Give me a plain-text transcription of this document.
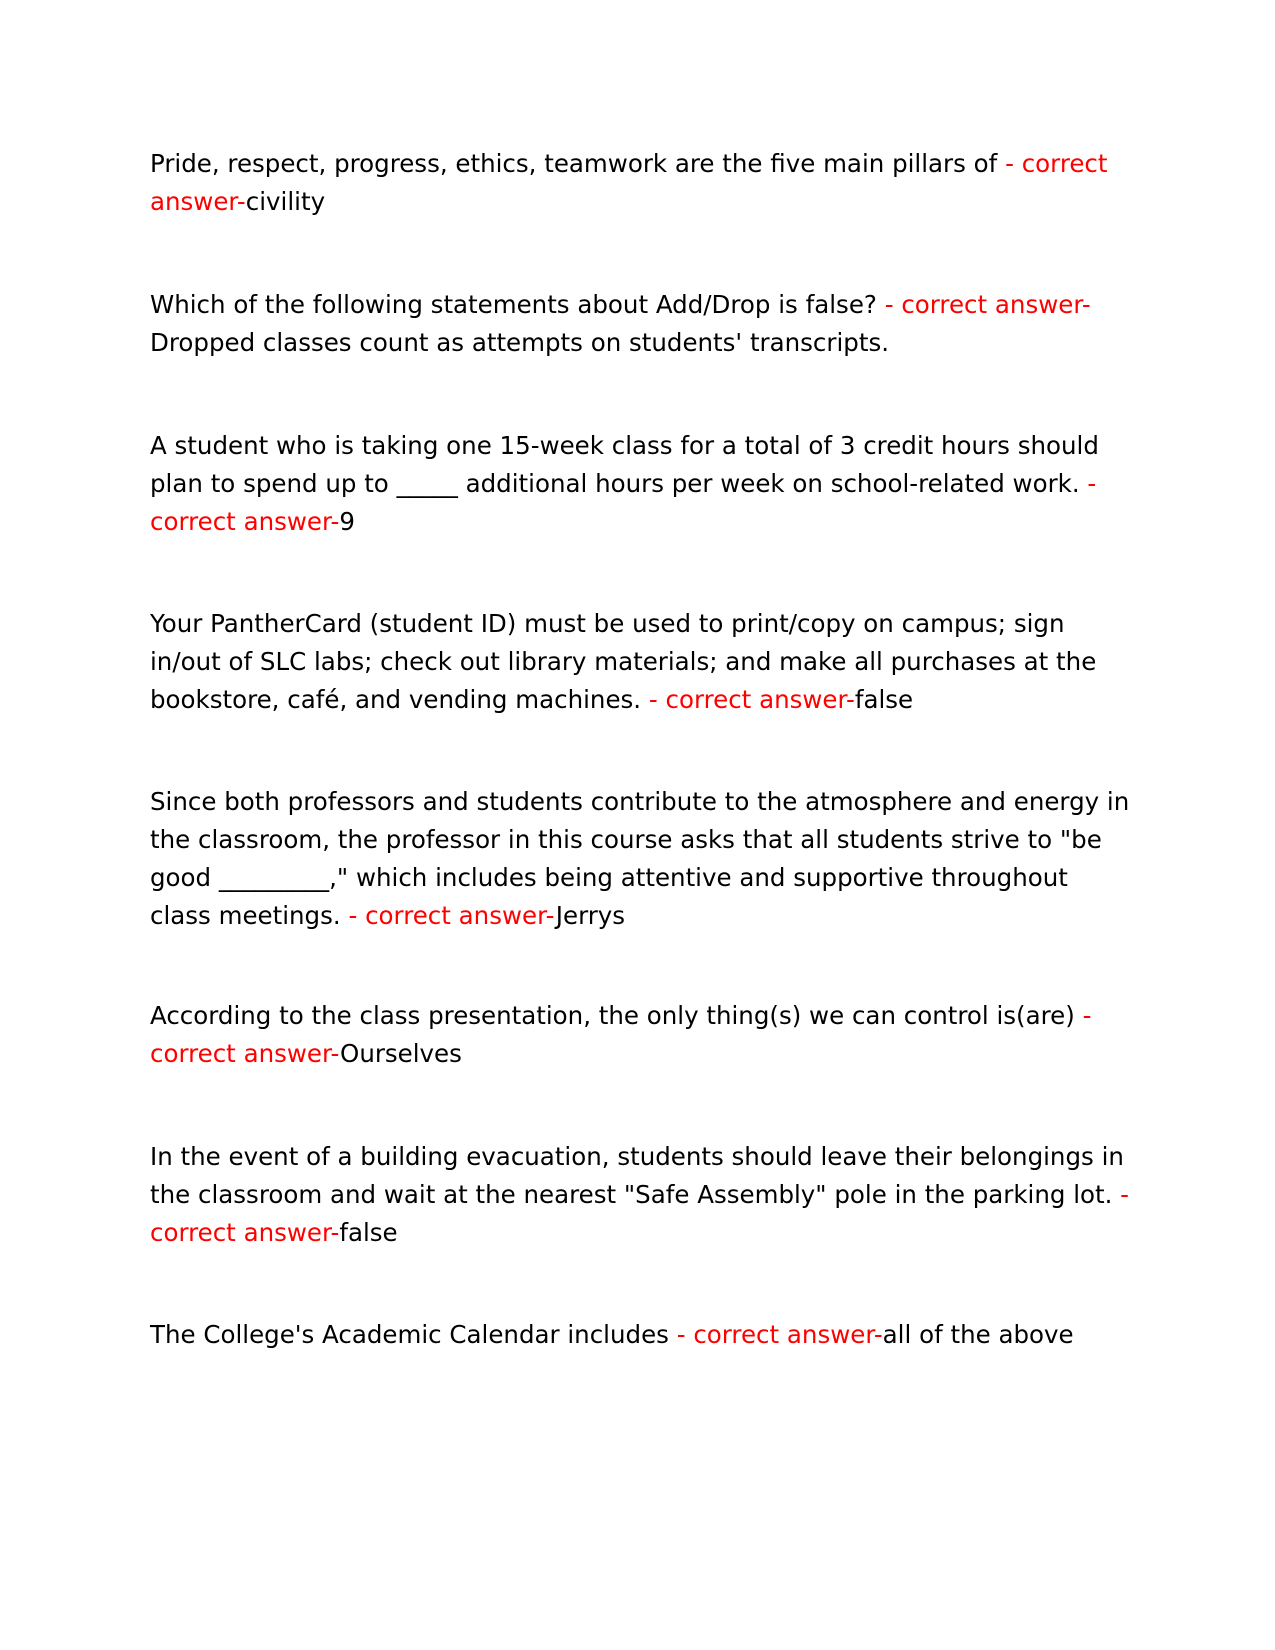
Pride, respect, progress, ethics, teamwork are the five main pillars of - correct answer-civility

Which of the following statements about Add/Drop is false? - correct answer-Dropped classes count as attempts on students' transcripts.

A student who is taking one 15-week class for a total of 3 credit hours should plan to spend up to _____ additional hours per week on school-related work. - correct answer-9

Your PantherCard (student ID) must be used to print/copy on campus; sign in/out of SLC labs; check out library materials; and make all purchases at the bookstore, café, and vending machines. - correct answer-false

Since both professors and students contribute to the atmosphere and energy in the classroom, the professor in this course asks that all students strive to "be good _________," which includes being attentive and supportive throughout class meetings. - correct answer-Jerrys

According to the class presentation, the only thing(s) we can control is(are) - correct answer-Ourselves

In the event of a building evacuation, students should leave their belongings in the classroom and wait at the nearest "Safe Assembly" pole in the parking lot. - correct answer-false

The College's Academic Calendar includes - correct answer-all of the above
